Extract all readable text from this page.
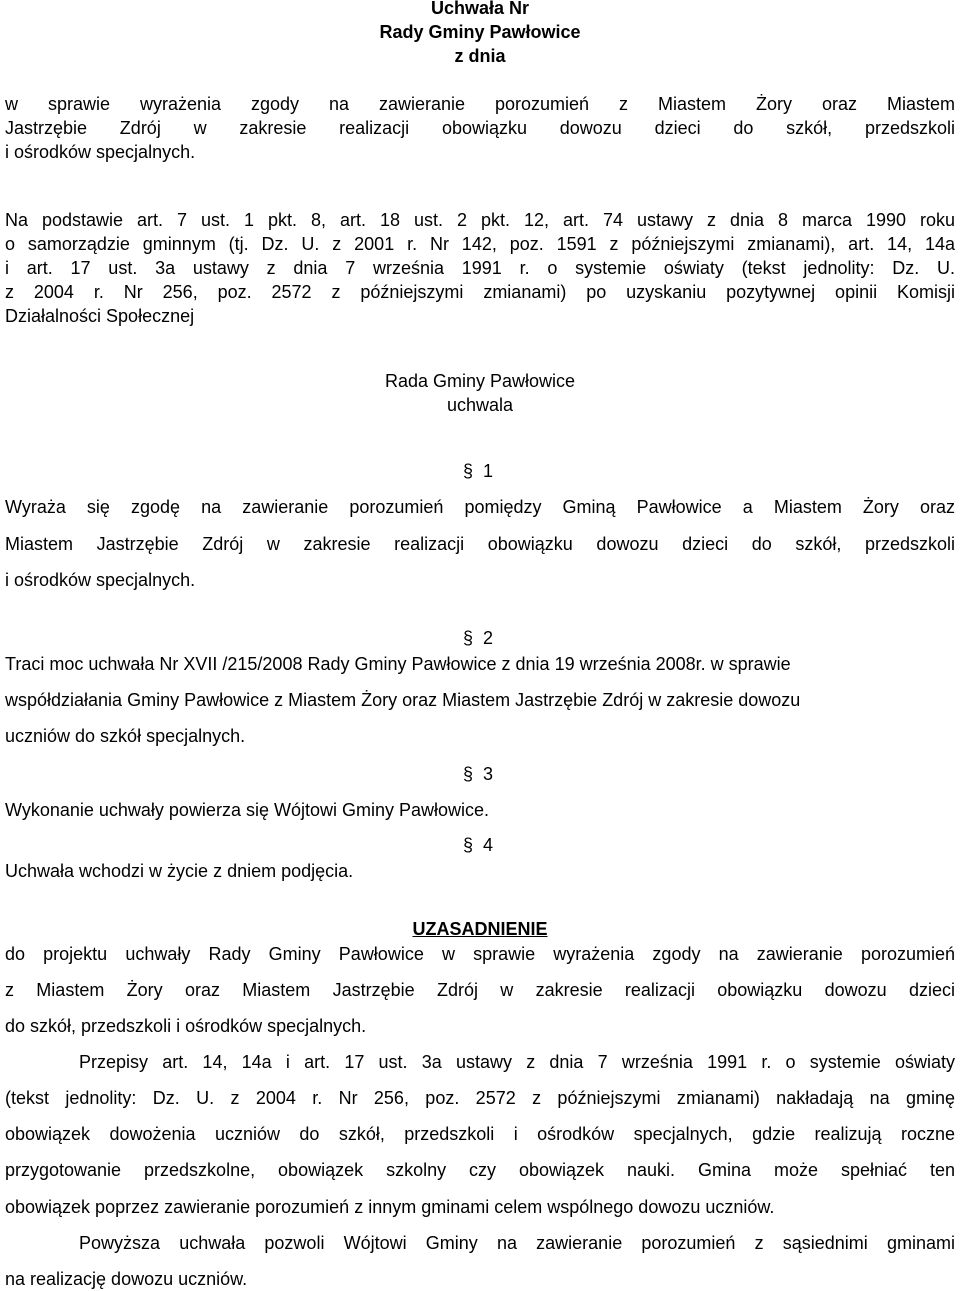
Uchwała Nr
Rady Gminy Pawłowice
z dnia
w sprawie wyrażenia zgody na zawieranie porozumień z Miastem Żory oraz Miastem
Jastrzębie Zdrój w zakresie realizacji obowiązku dowozu dzieci do szkół, przedszkoli
i ośrodków specjalnych.
Na podstawie art. 7 ust. 1 pkt. 8, art. 18 ust. 2 pkt. 12, art. 74 ustawy z dnia 8 marca 1990 roku
o samorządzie gminnym (tj. Dz. U. z 2001 r. Nr 142, poz. 1591 z późniejszymi zmianami), art. 14, 14a
i art. 17 ust. 3a ustawy z dnia 7 września 1991 r. o systemie oświaty (tekst jednolity: Dz. U.
z 2004 r. Nr 256, poz. 2572 z późniejszymi zmianami) po uzyskaniu pozytywnej opinii Komisji
Działalności Społecznej
Rada Gminy Pawłowice
uchwala
§ 1
Wyraża się zgodę na zawieranie porozumień pomiędzy Gminą Pawłowice a Miastem Żory oraz
Miastem Jastrzębie Zdrój w zakresie realizacji obowiązku dowozu dzieci do szkół, przedszkoli
i ośrodków specjalnych.
§ 2
Traci moc uchwała Nr XVII /215/2008 Rady Gminy Pawłowice z dnia 19 września 2008r. w sprawie
współdziałania Gminy Pawłowice z Miastem Żory oraz Miastem Jastrzębie Zdrój w zakresie dowozu
uczniów do szkół specjalnych.
§ 3
Wykonanie uchwały powierza się Wójtowi Gminy Pawłowice.
§ 4
Uchwała wchodzi w życie z dniem podjęcia.
UZASADNIENIE
do projektu uchwały Rady Gminy Pawłowice w sprawie wyrażenia zgody na zawieranie porozumień
z Miastem Żory oraz Miastem Jastrzębie Zdrój w zakresie realizacji obowiązku dowozu dzieci
do szkół, przedszkoli i ośrodków specjalnych.
Przepisy art. 14, 14a i art. 17 ust. 3a ustawy z dnia 7 września 1991 r. o systemie oświaty
(tekst jednolity: Dz. U. z 2004 r. Nr 256, poz. 2572 z późniejszymi zmianami) nakładają na gminę
obowiązek dowożenia uczniów do szkół, przedszkoli i ośrodków specjalnych, gdzie realizują roczne
przygotowanie przedszkolne, obowiązek szkolny czy obowiązek nauki. Gmina może spełniać ten
obowiązek poprzez zawieranie porozumień z innym gminami celem wspólnego dowozu uczniów.
Powyższa uchwała pozwoli Wójtowi Gminy na zawieranie porozumień z sąsiednimi gminami
na realizację dowozu uczniów.
